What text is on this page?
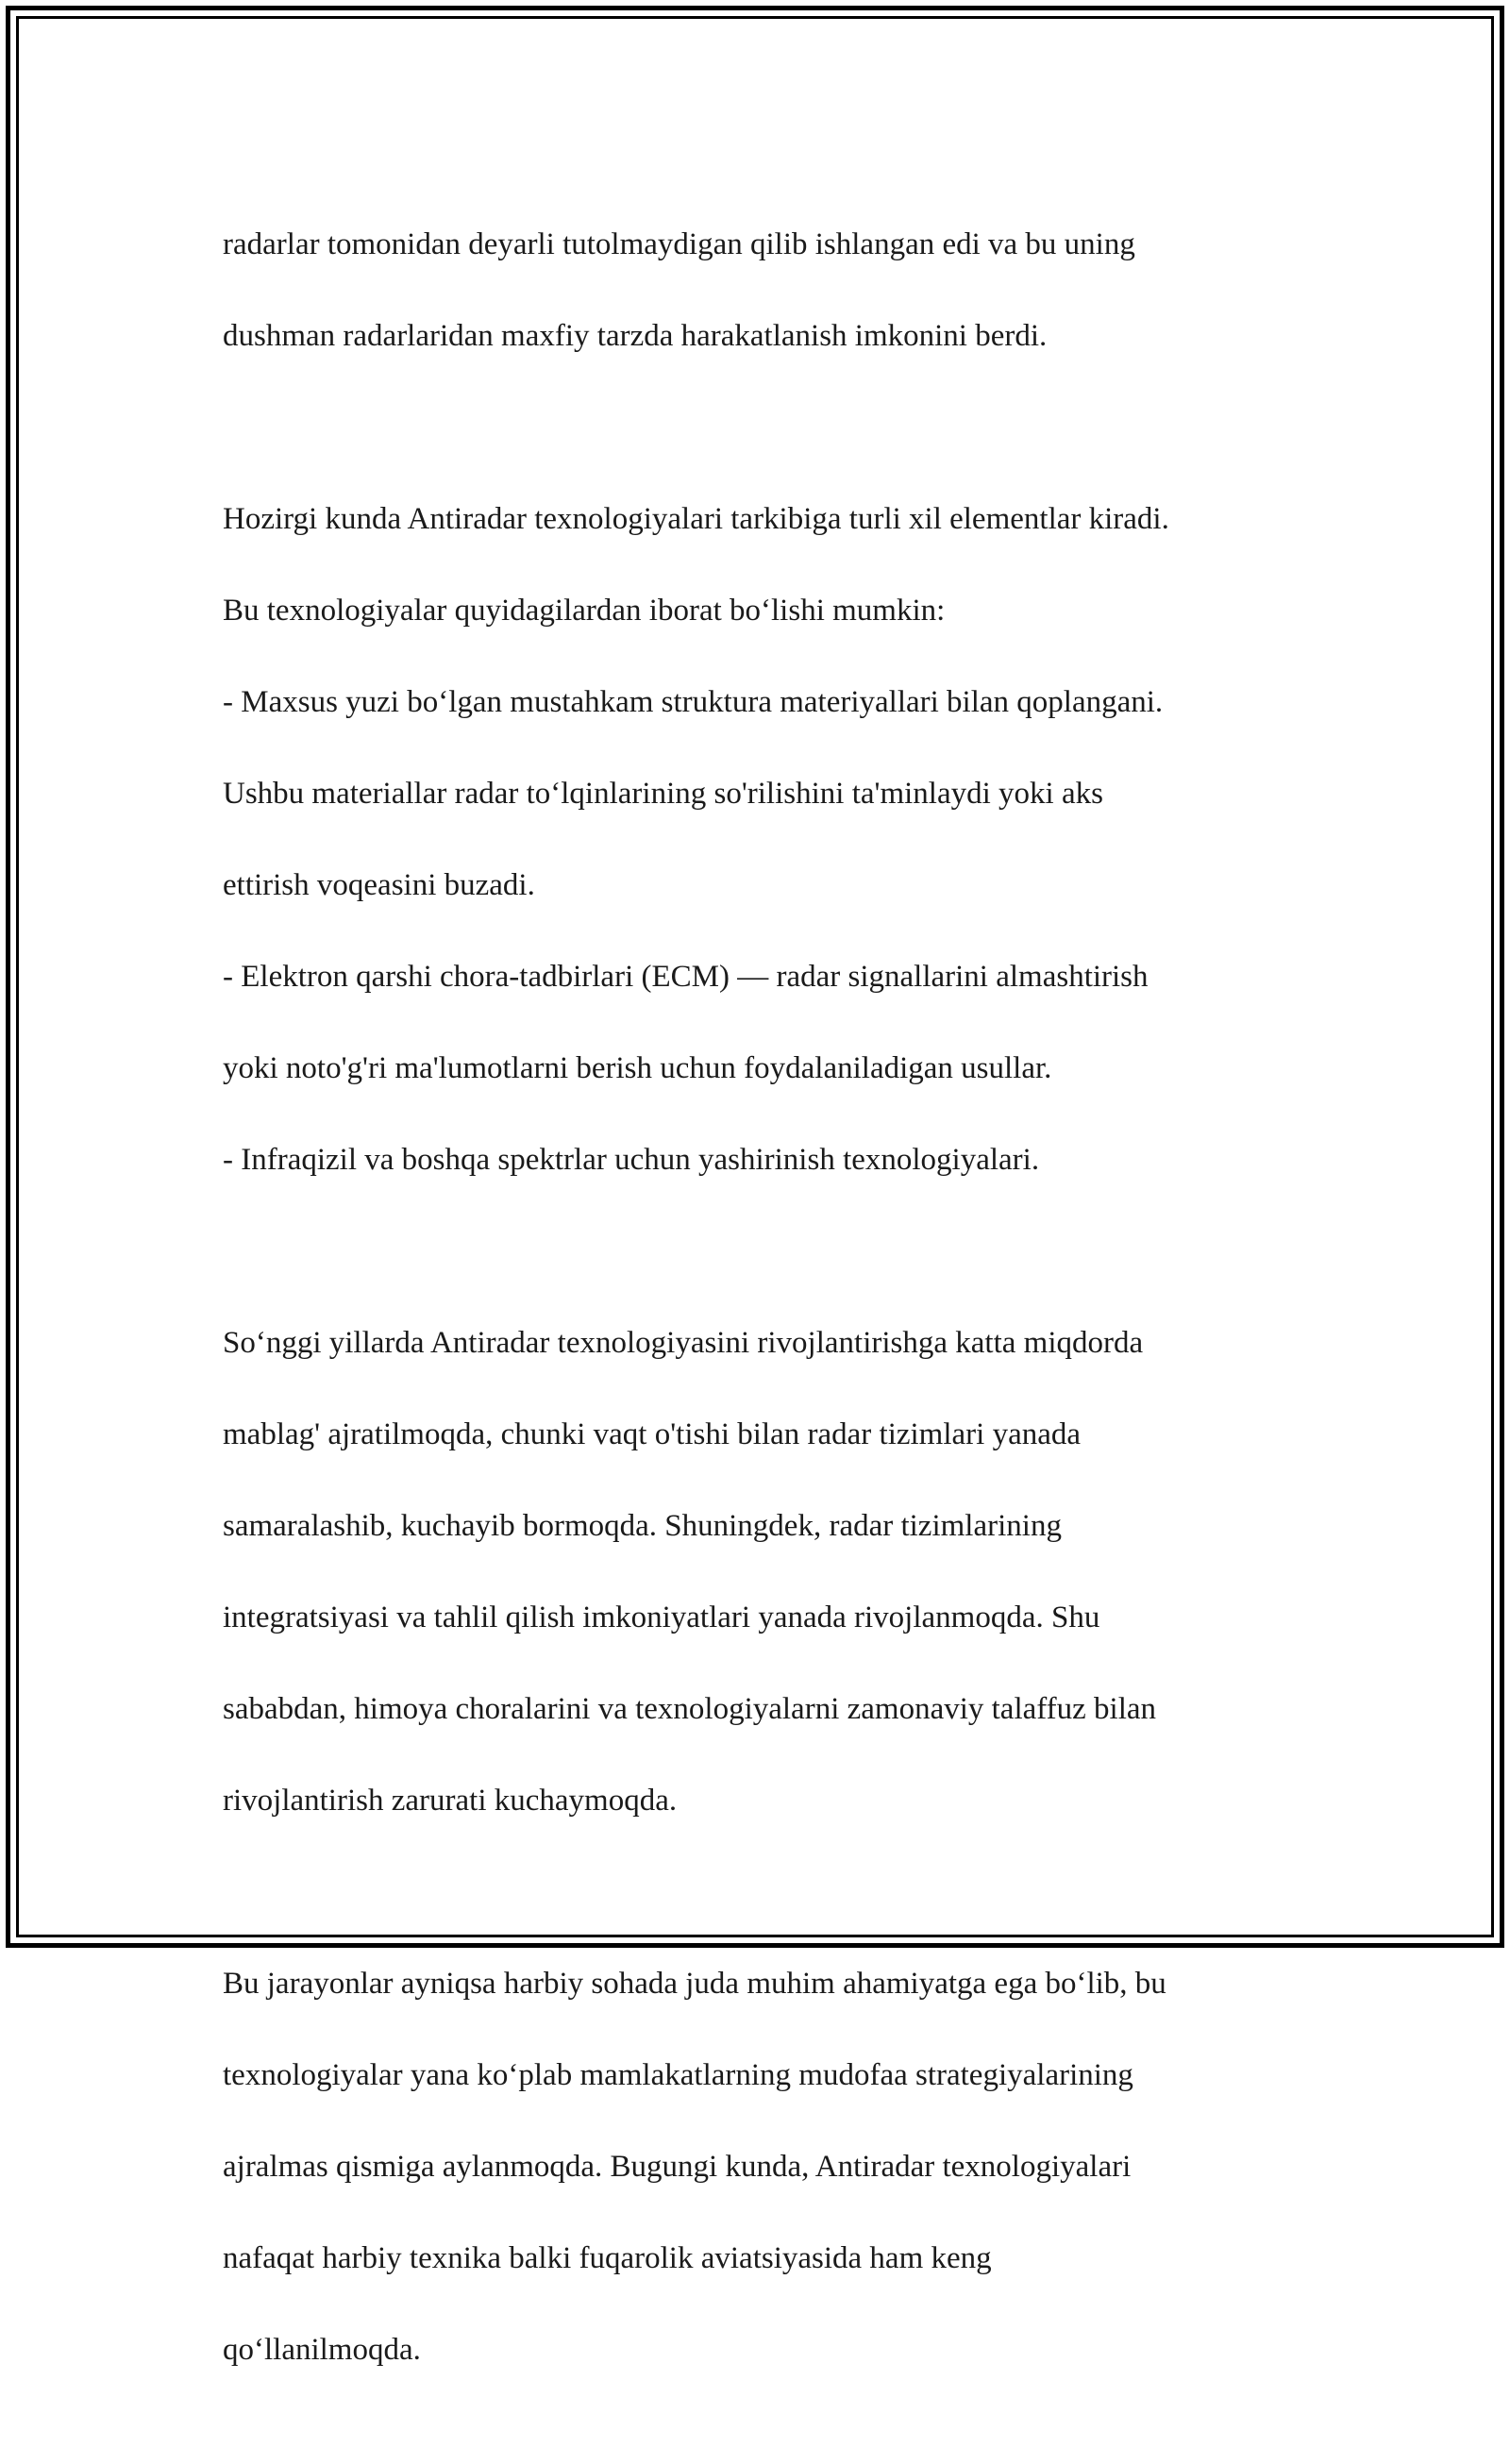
radarlar tomonidan deyarli tutolmaydigan qilib ishlangan edi va bu uning

dushman radarlaridan maxfiy tarzda harakatlanish imkonini berdi.

Hozirgi kunda Antiradar texnologiyalari tarkibiga turli xil elementlar kiradi.

Bu texnologiyalar quyidagilardan iborat bo‘lishi mumkin:

- Maxsus yuzi bo‘lgan mustahkam struktura materiyallari bilan qoplangani.

Ushbu materiallar radar to‘lqinlarining so'rilishini ta'minlaydi yoki aks

ettirish voqeasini buzadi.

- Elektron qarshi chora-tadbirlari (ECM) — radar signallarini almashtirish

yoki noto'g'ri ma'lumotlarni berish uchun foydalaniladigan usullar.

- Infraqizil va boshqa spektrlar uchun yashirinish texnologiyalari.

So‘nggi yillarda Antiradar texnologiyasini rivojlantirishga katta miqdorda

mablag' ajratilmoqda, chunki vaqt o'tishi bilan radar tizimlari yanada

samaralashib, kuchayib bormoqda. Shuningdek, radar tizimlarining

integratsiyasi va tahlil qilish imkoniyatlari yanada rivojlanmoqda. Shu

sababdan, himoya choralarini va texnologiyalarni zamonaviy talaffuz bilan

rivojlantirish zarurati kuchaymoqda.

Bu jarayonlar ayniqsa harbiy sohada juda muhim ahamiyatga ega bo‘lib, bu

texnologiyalar yana ko‘plab mamlakatlarning mudofaa strategiyalarining

ajralmas qismiga aylanmoqda. Bugungi kunda, Antiradar texnologiyalari

nafaqat harbiy texnika balki fuqarolik aviatsiyasida ham keng

qo‘llanilmoqda.
